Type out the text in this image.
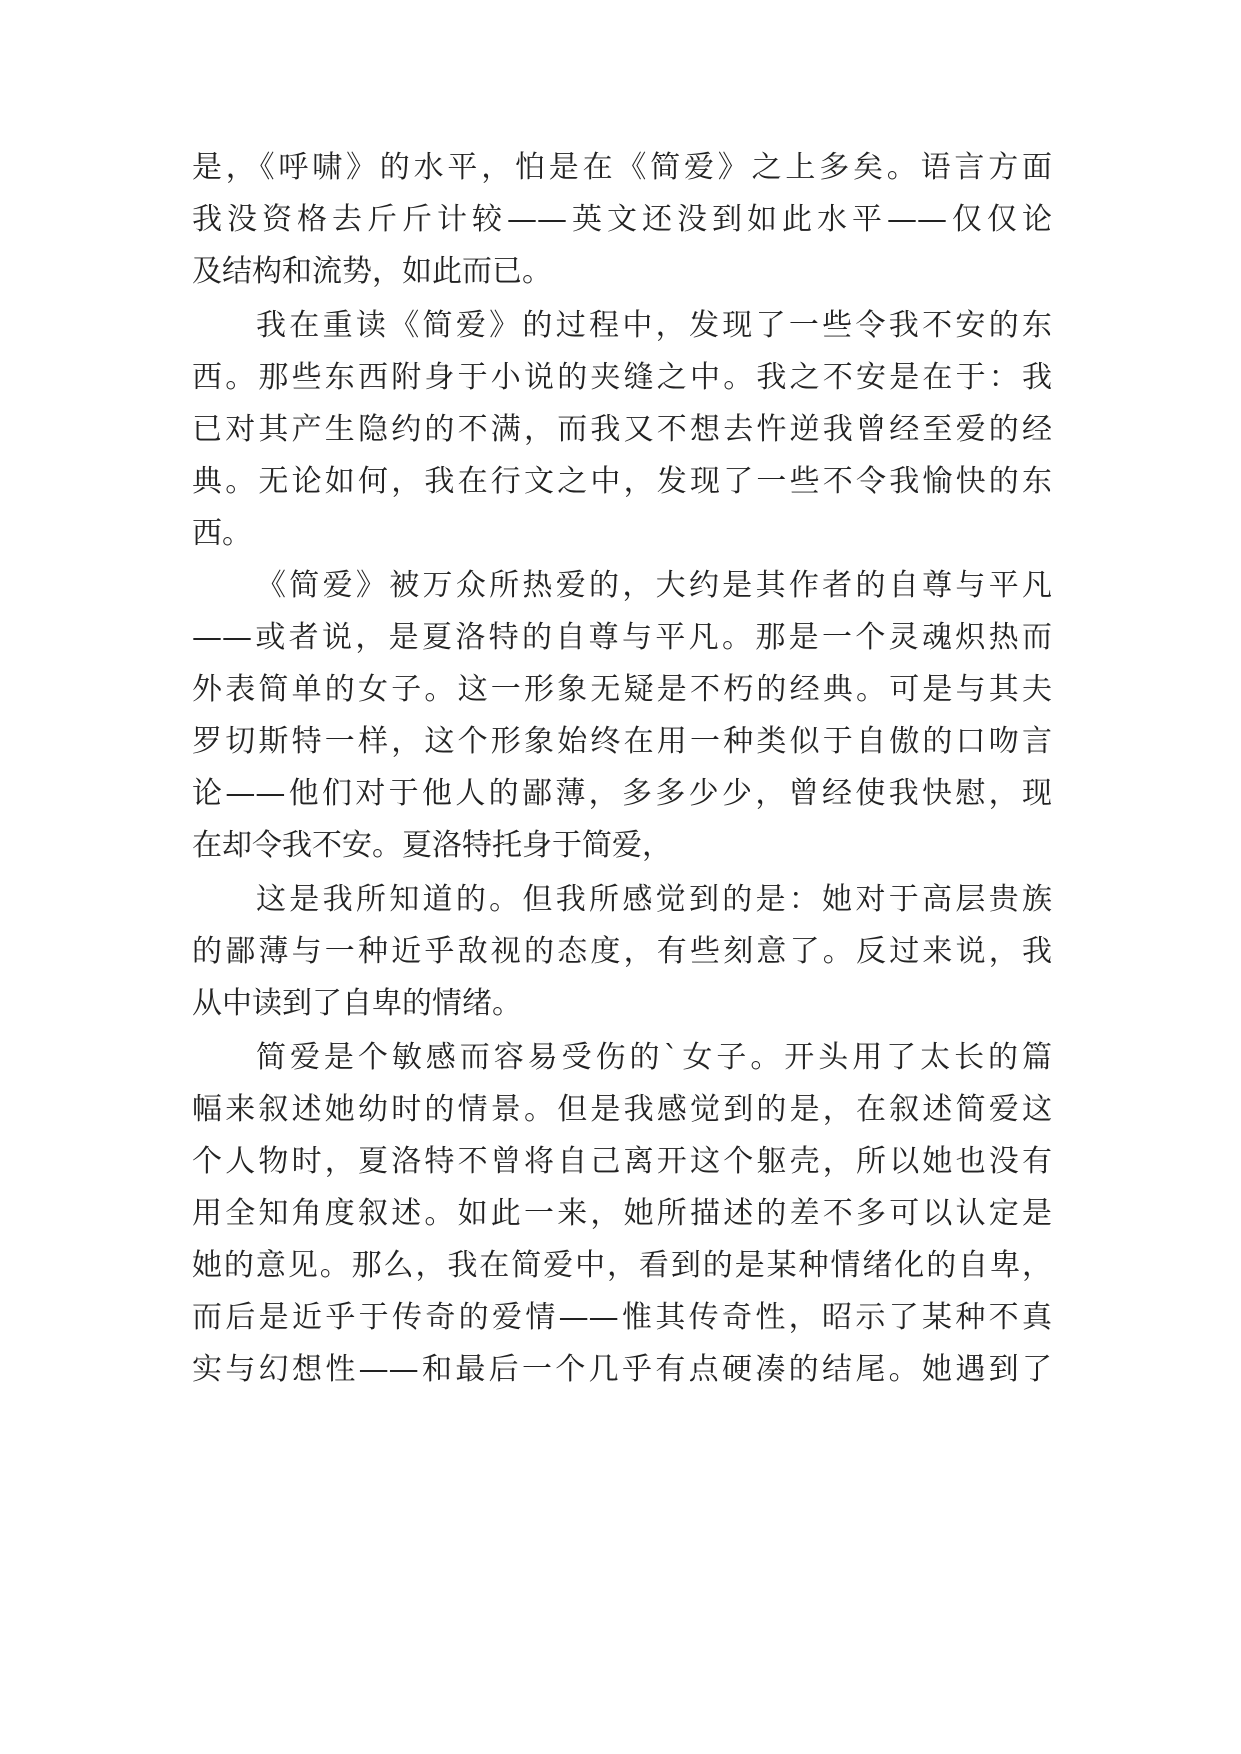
是，《呼啸》的水平，怕是在《简爱》之上多矣。语言方面
我没资格去斤斤计较——英文还没到如此水平——仅仅论
及结构和流势，如此而已。
我在重读《简爱》的过程中，发现了一些令我不安的东
西。那些东西附身于小说的夹缝之中。我之不安是在于：我
已对其产生隐约的不满，而我又不想去忤逆我曾经至爱的经
典。无论如何，我在行文之中，发现了一些不令我愉快的东
西。
《简爱》被万众所热爱的，大约是其作者的自尊与平凡
——或者说，是夏洛特的自尊与平凡。那是一个灵魂炽热而
外表简单的女子。这一形象无疑是不朽的经典。可是与其夫
罗切斯特一样，这个形象始终在用一种类似于自傲的口吻言
论——他们对于他人的鄙薄，多多少少，曾经使我快慰，现
在却令我不安。夏洛特托身于简爱，
这是我所知道的。但我所感觉到的是：她对于高层贵族
的鄙薄与一种近乎敌视的态度，有些刻意了。反过来说，我
从中读到了自卑的情绪。
简爱是个敏感而容易受伤的`女子。开头用了太长的篇
幅来叙述她幼时的情景。但是我感觉到的是，在叙述简爱这
个人物时，夏洛特不曾将自己离开这个躯壳，所以她也没有
用全知角度叙述。如此一来，她所描述的差不多可以认定是
她的意见。那么，我在简爱中，看到的是某种情绪化的自卑，
而后是近乎于传奇的爱情——惟其传奇性，昭示了某种不真
实与幻想性——和最后一个几乎有点硬凑的结尾。她遇到了
